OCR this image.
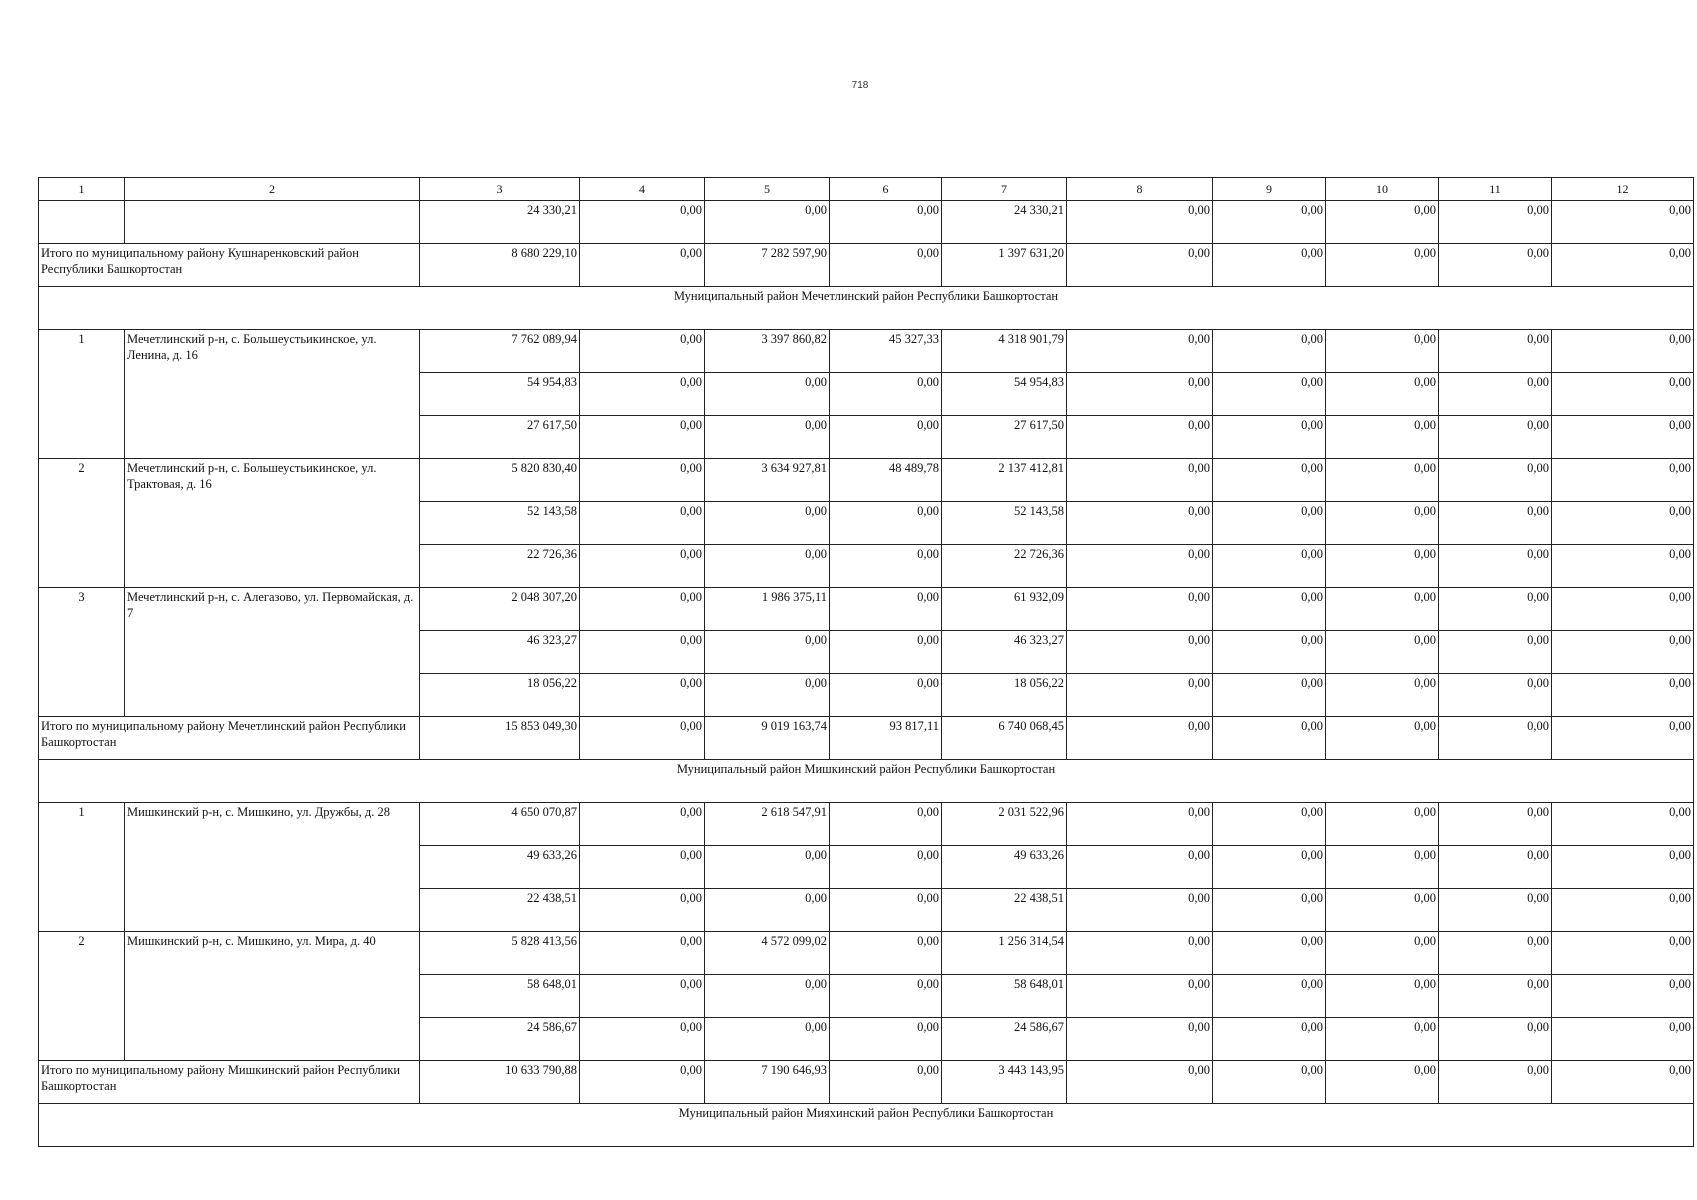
718
1	2	3	4	5	6	7	8	9	10	11	12
		24 330,21	0,00	0,00	0,00	24 330,21	0,00	0,00	0,00	0,00	0,00
Итого по муниципальному району Кушнаренковский район Республики Башкортостан		8 680 229,10	0,00	7 282 597,90	0,00	1 397 631,20	0,00	0,00	0,00	0,00	0,00
Муниципальный район Мечетлинский район Республики Башкортостан											
1	Мечетлинский р-н, с. Большеустьикинское, ул. Ленина, д. 16	7 762 089,94	0,00	3 397 860,82	45 327,33	4 318 901,79	0,00	0,00	0,00	0,00	0,00
		54 954,83	0,00	0,00	0,00	54 954,83	0,00	0,00	0,00	0,00	0,00
		27 617,50	0,00	0,00	0,00	27 617,50	0,00	0,00	0,00	0,00	0,00
2	Мечетлинский р-н, с. Большеустьикинское, ул. Трактовая, д. 16	5 820 830,40	0,00	3 634 927,81	48 489,78	2 137 412,81	0,00	0,00	0,00	0,00	0,00
		52 143,58	0,00	0,00	0,00	52 143,58	0,00	0,00	0,00	0,00	0,00
		22 726,36	0,00	0,00	0,00	22 726,36	0,00	0,00	0,00	0,00	0,00
3	Мечетлинский р-н, с. Алегазово, ул. Первомайская, д. 7	2 048 307,20	0,00	1 986 375,11	0,00	61 932,09	0,00	0,00	0,00	0,00	0,00
		46 323,27	0,00	0,00	0,00	46 323,27	0,00	0,00	0,00	0,00	0,00
		18 056,22	0,00	0,00	0,00	18 056,22	0,00	0,00	0,00	0,00	0,00
Итого по муниципальному району Мечетлинский район Республики Башкортостан		15 853 049,30	0,00	9 019 163,74	93 817,11	6 740 068,45	0,00	0,00	0,00	0,00	0,00
Муниципальный район Мишкинский район Республики Башкортостан											
1	Мишкинский р-н, с. Мишкино, ул. Дружбы, д. 28	4 650 070,87	0,00	2 618 547,91	0,00	2 031 522,96	0,00	0,00	0,00	0,00	0,00
		49 633,26	0,00	0,00	0,00	49 633,26	0,00	0,00	0,00	0,00	0,00
		22 438,51	0,00	0,00	0,00	22 438,51	0,00	0,00	0,00	0,00	0,00
2	Мишкинский р-н, с. Мишкино, ул. Мира, д. 40	5 828 413,56	0,00	4 572 099,02	0,00	1 256 314,54	0,00	0,00	0,00	0,00	0,00
		58 648,01	0,00	0,00	0,00	58 648,01	0,00	0,00	0,00	0,00	0,00
		24 586,67	0,00	0,00	0,00	24 586,67	0,00	0,00	0,00	0,00	0,00
Итого по муниципальному району Мишкинский район Республики Башкортостан		10 633 790,88	0,00	7 190 646,93	0,00	3 443 143,95	0,00	0,00	0,00	0,00	0,00
Муниципальный район Мияхинский район Республики Башкортостан											
